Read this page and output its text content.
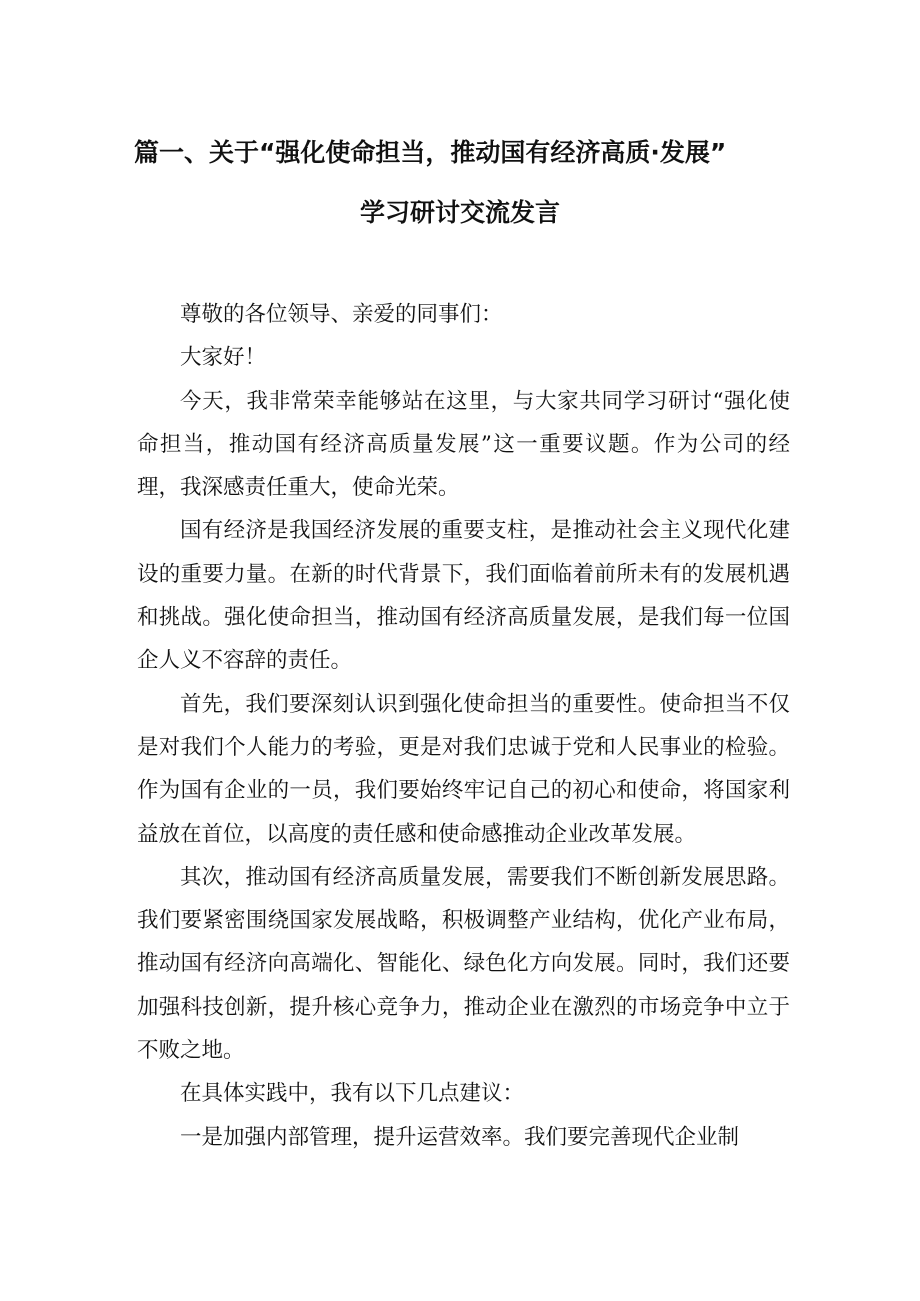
篇一、关于“强化使命担当，推动国有经济高质·发展”
学习研讨交流发言

尊敬的各位领导、亲爱的同事们：

大家好！

今天，我非常荣幸能够站在这里，与大家共同学习研讨“强化使命担当，推动国有经济高质量发展”这一重要议题。作为公司的经理，我深感责任重大，使命光荣。

国有经济是我国经济发展的重要支柱，是推动社会主义现代化建设的重要力量。在新的时代背景下，我们面临着前所未有的发展机遇和挑战。强化使命担当，推动国有经济高质量发展，是我们每一位国企人义不容辞的责任。

首先，我们要深刻认识到强化使命担当的重要性。使命担当不仅是对我们个人能力的考验，更是对我们忠诚于党和人民事业的检验。作为国有企业的一员，我们要始终牢记自己的初心和使命，将国家利益放在首位，以高度的责任感和使命感推动企业改革发展。

其次，推动国有经济高质量发展，需要我们不断创新发展思路。我们要紧密围绕国家发展战略，积极调整产业结构，优化产业布局，推动国有经济向高端化、智能化、绿色化方向发展。同时，我们还要加强科技创新，提升核心竞争力，推动企业在激烈的市场竞争中立于不败之地。

在具体实践中，我有以下几点建议：

一是加强内部管理，提升运营效率。我们要完善现代企业制
